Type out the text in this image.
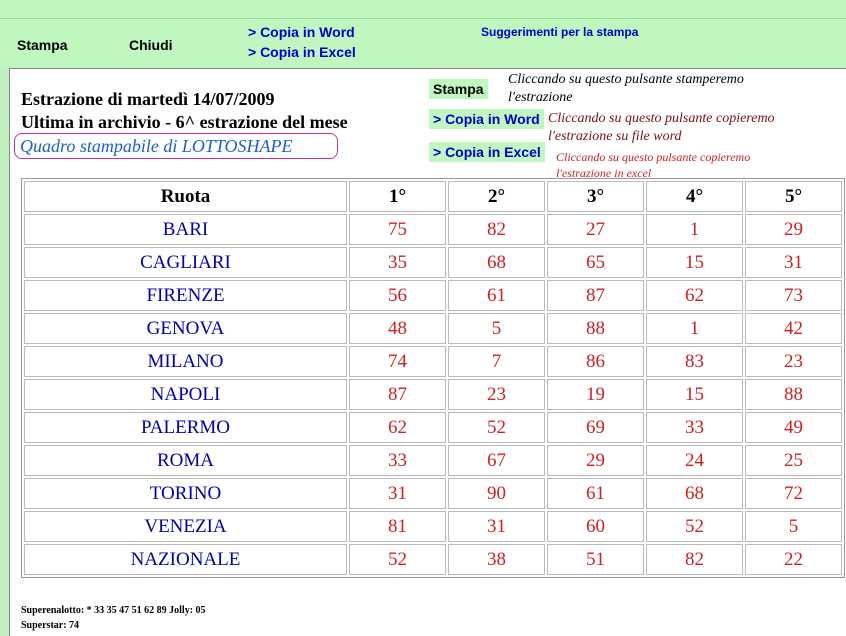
Stampa	Chiudi
> Copia in Word
> Copia in Excel
Suggerimenti per la stampa
Estrazione di martedì 14/07/2009
Ultima in archivio - 6^ estrazione del mese
Quadro stampabile di LOTTOSHAPE
Stampa
Cliccando su questo pulsante stamperemo
l'estrazione
> Copia in Word Cliccando su questo pulsante copieremo
l'estrazione su file word
> Copia in Excel	Cliccando su questo pulsante copieremo
l'estrazione in excel
Ruota	1°	2°	3°	4°	5°
BARI	75	82	27	1	29
CAGLIARI	35	68	65	15	31
FIRENZE	56	61	87	62	73
GENOVA	48	5	88	1	42
MILANO	74	7	86	83	23
NAPOLI	87	23	19	15	88
PALERMO	62	52	69	33	49
ROMA	33	67	29	24	25
TORINO	31	90	61	68	72
VENEZIA	81	31	60	52	5
NAZIONALE	52	38	51	82	22
Superenalotto: * 33 35 47 51 62 89 Jolly: 05
Superstar: 74
